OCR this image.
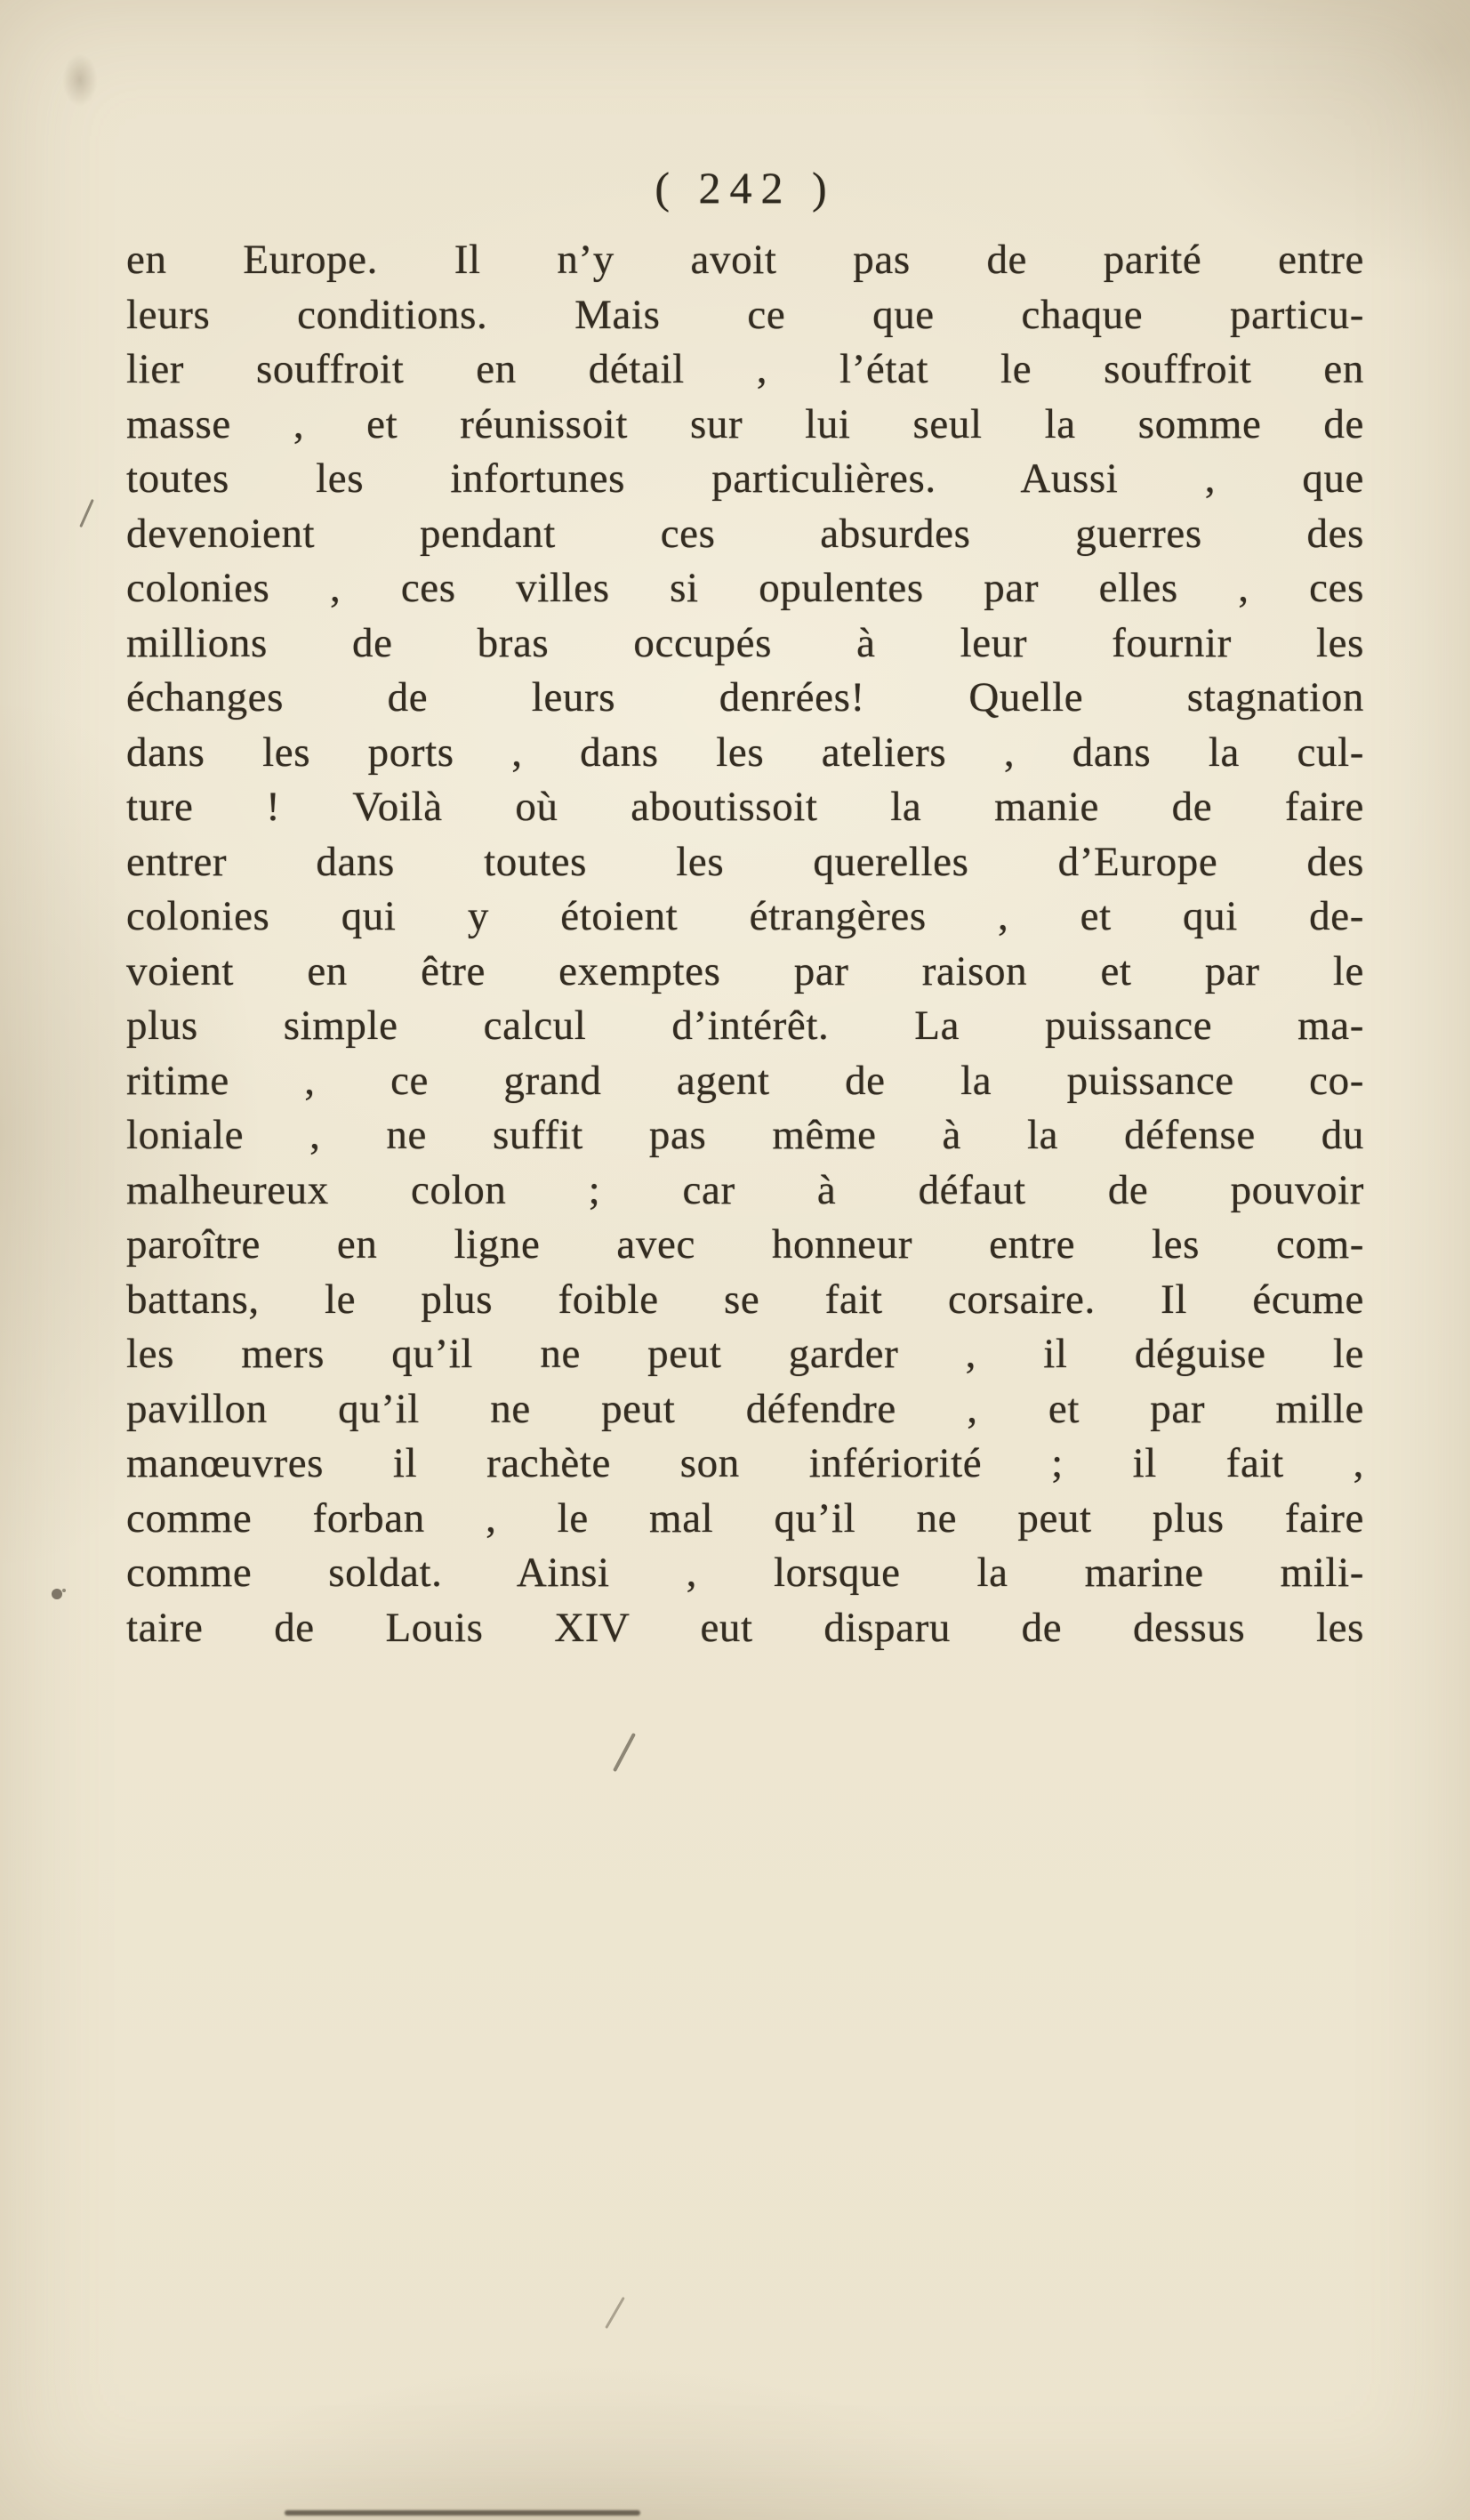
( 242 )
en Europe. Il n’y avoit pas de parité entre
leurs conditions. Mais ce que chaque particu-
lier souffroit en détail , l’état le souffroit en
masse , et réunissoit sur lui seul la somme de
toutes les infortunes particulières. Aussi , que
devenoient pendant ces absurdes guerres des
colonies , ces villes si opulentes par elles , ces
millions de bras occupés à leur fournir les
échanges de leurs denrées! Quelle stagnation
dans les ports , dans les ateliers , dans la cul-
ture ! Voilà où aboutissoit la manie de faire
entrer dans toutes les querelles d’Europe des
colonies qui y étoient étrangères , et qui de-
voient en être exemptes par raison et par le
plus simple calcul d’intérêt. La puissance ma-
ritime , ce grand agent de la puissance co-
loniale , ne suffit pas même à la défense du
malheureux colon ; car à défaut de pouvoir
paroître en ligne avec honneur entre les com-
battans, le plus foible se fait corsaire. Il écume
les mers qu’il ne peut garder , il déguise le
pavillon qu’il ne peut défendre , et par mille
manœuvres il rachète son infériorité ; il fait ,
comme forban , le mal qu’il ne peut plus faire
comme soldat. Ainsi , lorsque la marine mili-
taire de Louis XIV eut disparu de dessus les
